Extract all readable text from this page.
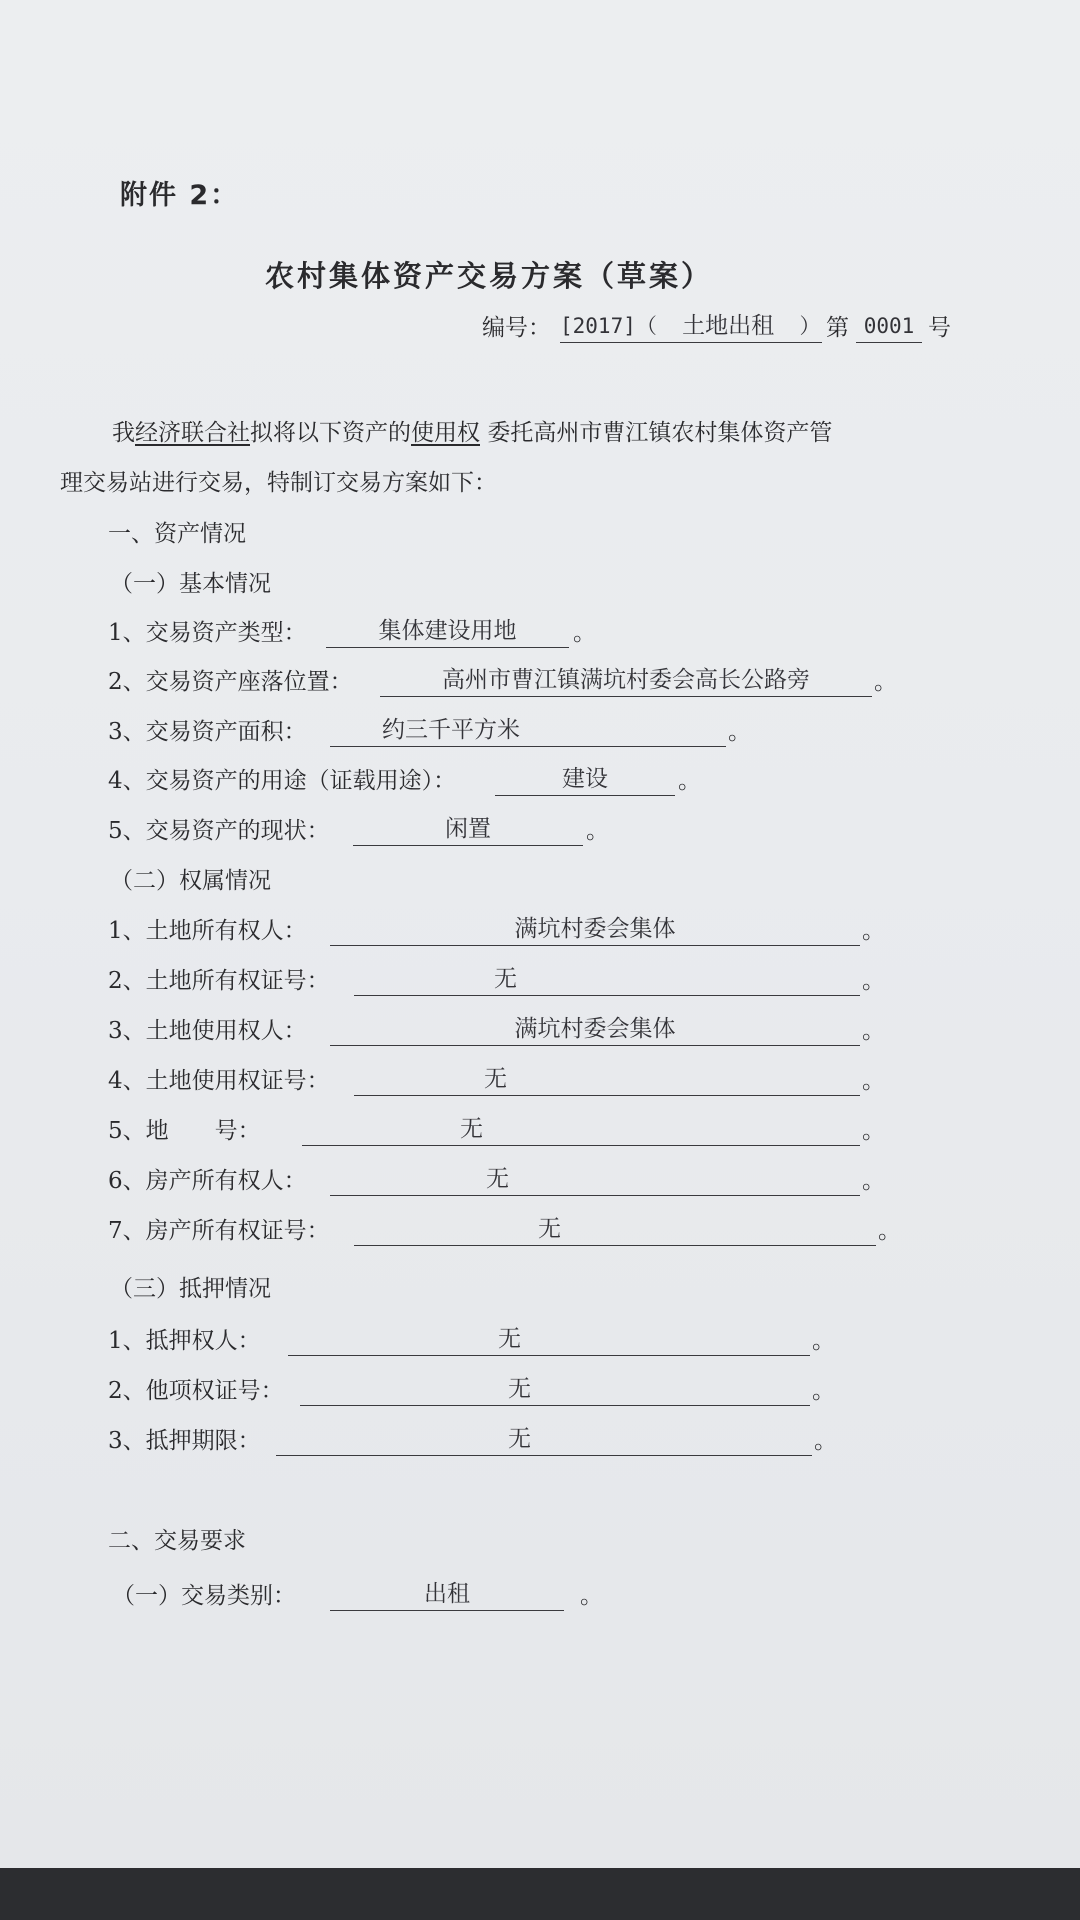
附件 2：
农村集体资产交易方案（草案）
编号： [2017]（ 土地出租 ） 第 0001 号
我经济联合社拟将以下资产的使用权 委托高州市曹江镇农村集体资产管
理交易站进行交易，特制订交易方案如下：
一、资产情况
（一）基本情况
1、交易资产类型：	集体建设用地	。
2、交易资产座落位置：	高州市曹江镇满坑村委会高长公路旁	。
3、交易资产面积：	约三千平方米	。
4、交易资产的用途（证载用途）：	建设	。
5、交易资产的现状：	闲置	。
（二）权属情况
1、土地所有权人：	满坑村委会集体	。
2、土地所有权证号：	无	。
3、土地使用权人：	满坑村委会集体	。
4、土地使用权证号：	无	。
5、地　　号：	无	。
6、房产所有权人：	无	。
7、房产所有权证号：	无	。
（三）抵押情况
1、抵押权人：	无	。
2、他项权证号：	无	。
3、抵押期限：	无	。
二、交易要求
（一）交易类别：	出租	。
